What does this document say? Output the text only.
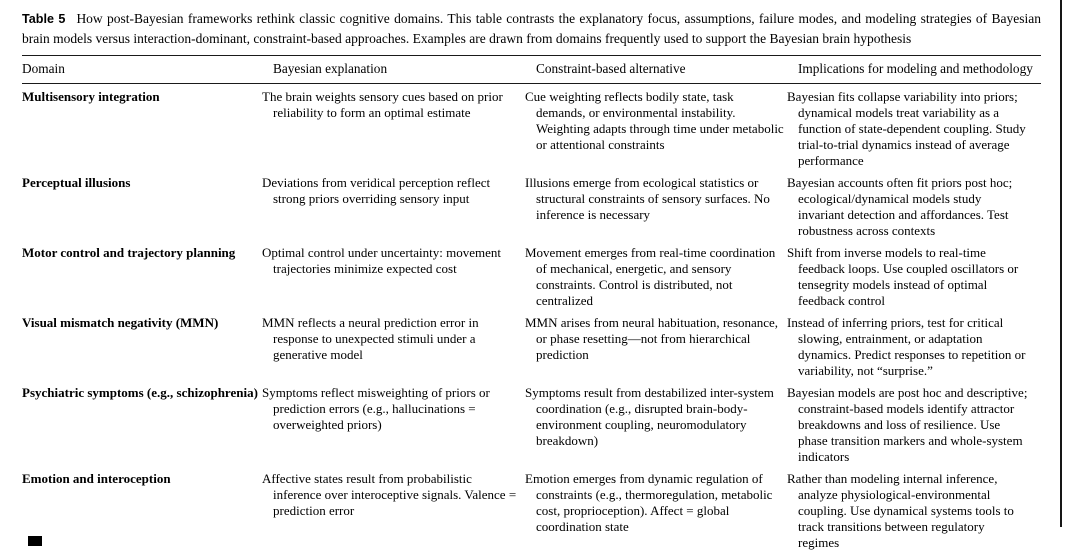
Table 5 How post-Bayesian frameworks rethink classic cognitive domains. This table contrasts the explanatory focus, assumptions, failure modes, and modeling strategies of Bayesian brain models versus interaction-dominant, constraint-based approaches. Examples are drawn from domains frequently used to support the Bayesian brain hypothesis
Domain	Bayesian explanation	Constraint-based alternative	Implications for modeling and methodology
Multisensory integration	The brain weights sensory cues based on prior reliability to form an optimal estimate	Cue weighting reflects bodily state, task demands, or environmental instability. Weighting adapts through time under metabolic or attentional constraints	Bayesian fits collapse variability into priors; dynamical models treat variability as a function of state-dependent coupling. Study trial-to-trial dynamics instead of average performance
Perceptual illusions	Deviations from veridical perception reflect strong priors overriding sensory input	Illusions emerge from ecological statistics or structural constraints of sensory surfaces. No inference is necessary	Bayesian accounts often fit priors post hoc; ecological/dynamical models study invariant detection and affordances. Test robustness across contexts
Motor control and trajectory planning	Optimal control under uncertainty: movement trajectories minimize expected cost	Movement emerges from real-time coordination of mechanical, energetic, and sensory constraints. Control is distributed, not centralized	Shift from inverse models to real-time feedback loops. Use coupled oscillators or tensegrity models instead of optimal feedback control
Visual mismatch negativity (MMN)	MMN reflects a neural prediction error in response to unexpected stimuli under a generative model	MMN arises from neural habituation, resonance, or phase resetting—not from hierarchical prediction	Instead of inferring priors, test for critical slowing, entrainment, or adaptation dynamics. Predict responses to repetition or variability, not “surprise.”
Psychiatric symptoms (e.g., schizophrenia)	Symptoms reflect misweighting of priors or prediction errors (e.g., hallucinations = overweighted priors)	Symptoms result from destabilized inter-system coordination (e.g., disrupted brain-body-environment coupling, neuromodulatory breakdown)	Bayesian models are post hoc and descriptive; constraint-based models identify attractor breakdowns and loss of resilience. Use phase transition markers and whole-system indicators
Emotion and interoception	Affective states result from probabilistic inference over interoceptive signals. Valence = prediction error	Emotion emerges from dynamic regulation of constraints (e.g., thermoregulation, metabolic cost, proprioception). Affect = global coordination state	Rather than modeling internal inference, analyze physiological-environmental coupling. Use dynamical systems tools to track transitions between regulatory regimes
